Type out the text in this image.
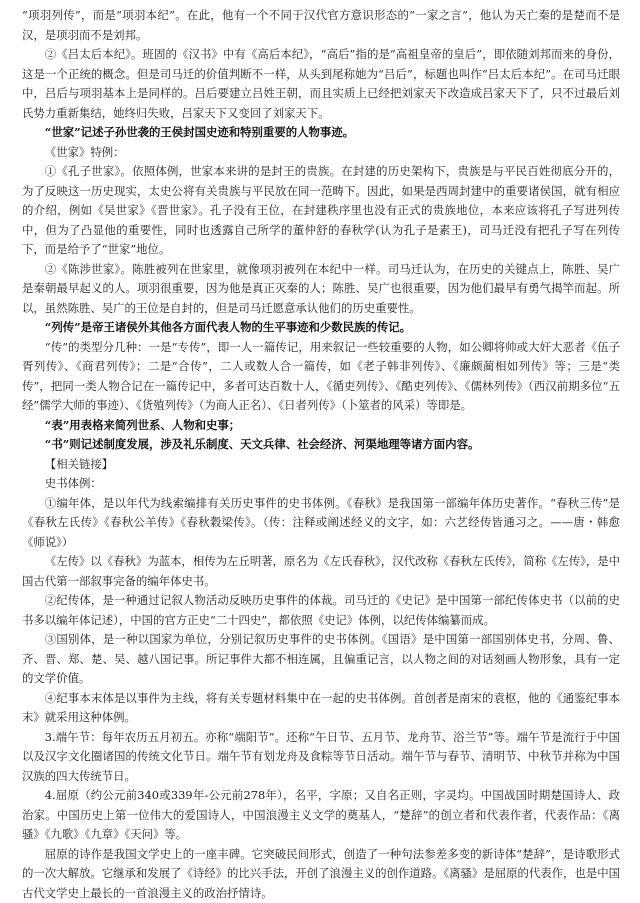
“项羽列传”，而是“项羽本纪”。在此，他有一个不同于汉代官方意识形态的“一家之言”，他认为天亡秦的是楚而不是汉，是项羽而不是刘邦。

②《吕太后本纪》。班固的《汉书》中有《高后本纪》，“高后”指的是“高祖皇帝的皇后”，即依随刘邦而来的身份，这是一个正统的概念。但是司马迁的价值判断不一样，从头到尾称她为“吕后”，标题也叫作“吕太后本纪”。在司马迁眼中，吕后与项羽基本上是同样的。吕后要建立吕姓王朝，而且实质上已经把刘家天下改造成吕家天下了，只不过最后刘氏势力重新集结，她终归失败，吕家天下又变回了刘家天下。

“世家”记述子孙世袭的王侯封国史迹和特别重要的人物事迹。

《世家》特例：

①《孔子世家》。依照体例，世家本来讲的是封王的贵族。在封建的历史架构下，贵族是与平民百姓彻底分开的，为了反映这一历史现实，太史公将有关贵族与平民放在同一范畴下。因此，如果是西周封建中的重要诸侯国，就有相应的介绍，例如《吴世家》《晋世家》。孔子没有王位，在封建秩序里也没有正式的贵族地位，本来应该将孔子写进列传中，但为了凸显他的重要性，同时也透露自己所学的董仲舒的春秋学(认为孔子是素王)，司马迁没有把孔子写在列传下，而是给予了“世家”地位。

②《陈涉世家》。陈胜被列在世家里，就像项羽被列在本纪中一样。司马迁认为，在历史的关键点上，陈胜、吴广是秦朝最早起义的人。项羽很重要，因为他是真正灭秦的人；陈胜、吴广也很重要，因为他们最早有勇气揭竿而起。所以，虽然陈胜、吴广的王位是自封的，但是司马迁愿意承认他们的历史重要性。

“列传”是帝王诸侯外其他各方面代表人物的生平事迹和少数民族的传记。

“传”的类型分几种：一是“专传”，即一人一篇传记，用来叙记一些较重要的人物，如公卿将帅或大奸大恶者《伍子胥列传》、《商君列传》；二是“合传”，二人或数人合一篇传，如《老子韩非列传》、《廉颇蔺相如列传》等；三是“类传”，把同一类人物合记在一篇传记中，多者可达百数十人，《循吏列传》、《酷吏列传》、《儒林列传》（西汉前期多位“五经”儒学大师的事迹）、《货殖列传》（为商人正名）、《日者列传》（卜筮者的风采）等即是。

“表”用表格来简列世系、人物和史事；

“书”则记述制度发展，涉及礼乐制度、天文兵律、社会经济、河渠地理等诸方面内容。

【相关链接】

史书体例：

①编年体，是以年代为线索编排有关历史事件的史书体例。《春秋》是我国第一部编年体历史著作。“春秋三传”是《春秋左氏传》《春秋公羊传》《春秋穀梁传》。（传：注释或阐述经义的文字，如：六艺经传皆通习之。——唐・韩愈《师说》）

《左传》以《春秋》为蓝本，相传为左丘明著，原名为《左氏春秋》，汉代改称《春秋左氏传》，简称《左传》，是中国古代第一部叙事完备的编年体史书。

②纪传体，是一种通过记叙人物活动反映历史事件的体裁。司马迁的《史记》是中国第一部纪传体史书（以前的史书多以编年体记述），中国的官方正史“二十四史”，都依照《史记》体例，以纪传体编纂而成。

③国别体，是一种以国家为单位，分别记叙历史事件的史书体例。《国语》是中国第一部国别体史书，分周、鲁、齐、晋、郑、楚、吴、越八国记事。所记事件大都不相连属，且偏重记言，以人物之间的对话刻画人物形象，具有一定的文学价值。

④纪事本末体是以事件为主线，将有关专题材料集中在一起的史书体例。首创者是南宋的袁枢，他的《通鉴纪事本末》就采用这种体例。

3.端午节：每年农历五月初五。亦称“端阳节”。还称“午日节、五月节、龙舟节、浴兰节”等。端午节是流行于中国以及汉字文化圈诸国的传统文化节日。端午节有划龙舟及食粽等节日活动。端午节与春节、清明节、中秋节并称为中国汉族的四大传统节日。

4.屈原（约公元前340或339年-公元前278年），名平，字原；又自名正则，字灵均。中国战国时期楚国诗人、政治家。中国历史上第一位伟大的爱国诗人，中国浪漫主义文学的奠基人，“楚辞”的创立者和代表作者，代表作品：《离骚》《九歌》《九章》《天问》等。

屈原的诗作是我国文学史上的一座丰碑。它突破民间形式，创造了一种句法参差多变的新诗体“楚辞”，是诗歌形式的一次大解放。它继承和发展了《诗经》的比兴手法，开创了浪漫主义的创作道路。《离骚》是屈原的代表作，也是中国古代文学史上最长的一首浪漫主义的政治抒情诗。
